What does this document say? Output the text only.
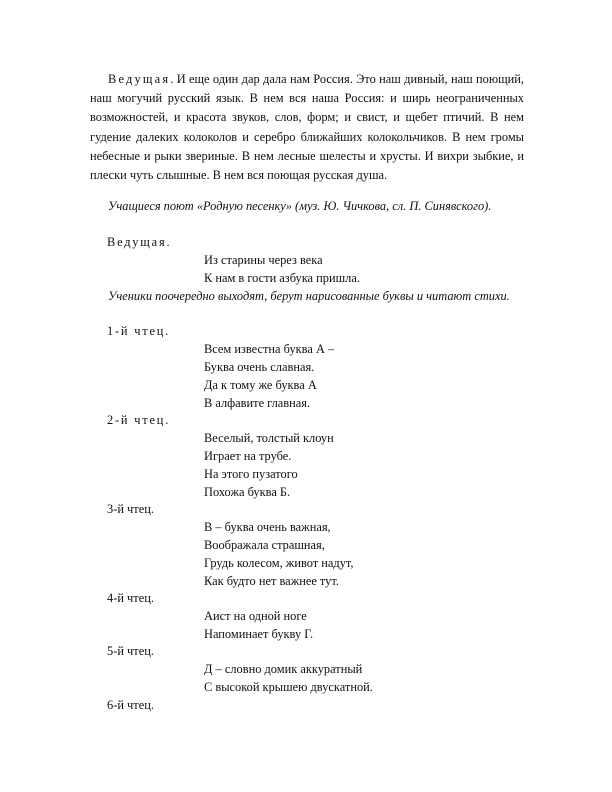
Ведущая. И еще один дар дала нам Россия. Это наш дивный, наш поющий, наш могучий русский язык. В нем вся наша Россия: и ширь неограниченных возможностей, и красота звуков, слов, форм; и свист, и щебет птичий. В нем гудение далеких колоколов и серебро ближайших колокольчиков. В нем громы небесные и рыки звериные. В нем лесные шелесты и хрусты. И вихри зыбкие, и плески чуть слышные. В нем вся поющая русская душа.
Учащиеся поют «Родную песенку» (муз. Ю. Чичкова, сл. П. Синявского).
Ведущая.
Из старины через века
К нам в гости азбука пришла.
Ученики поочередно выходят, берут нарисованные буквы и читают стихи.
1-й чтец.
Всем известна буква А –
Буква очень славная.
Да к тому же буква А
В алфавите главная.
2-й чтец.
Веселый, толстый клоун
Играет на трубе.
На этого пузатого
Похожа буква Б.
3-й чтец.
В – буква очень важная,
Воображала страшная,
Грудь колесом, живот надут,
Как будто нет важнее тут.
4-й чтец.
Аист на одной ноге
Напоминает букву Г.
5-й чтец.
Д – словно домик аккуратный
С высокой крышею двускатной.
6-й чтец.
